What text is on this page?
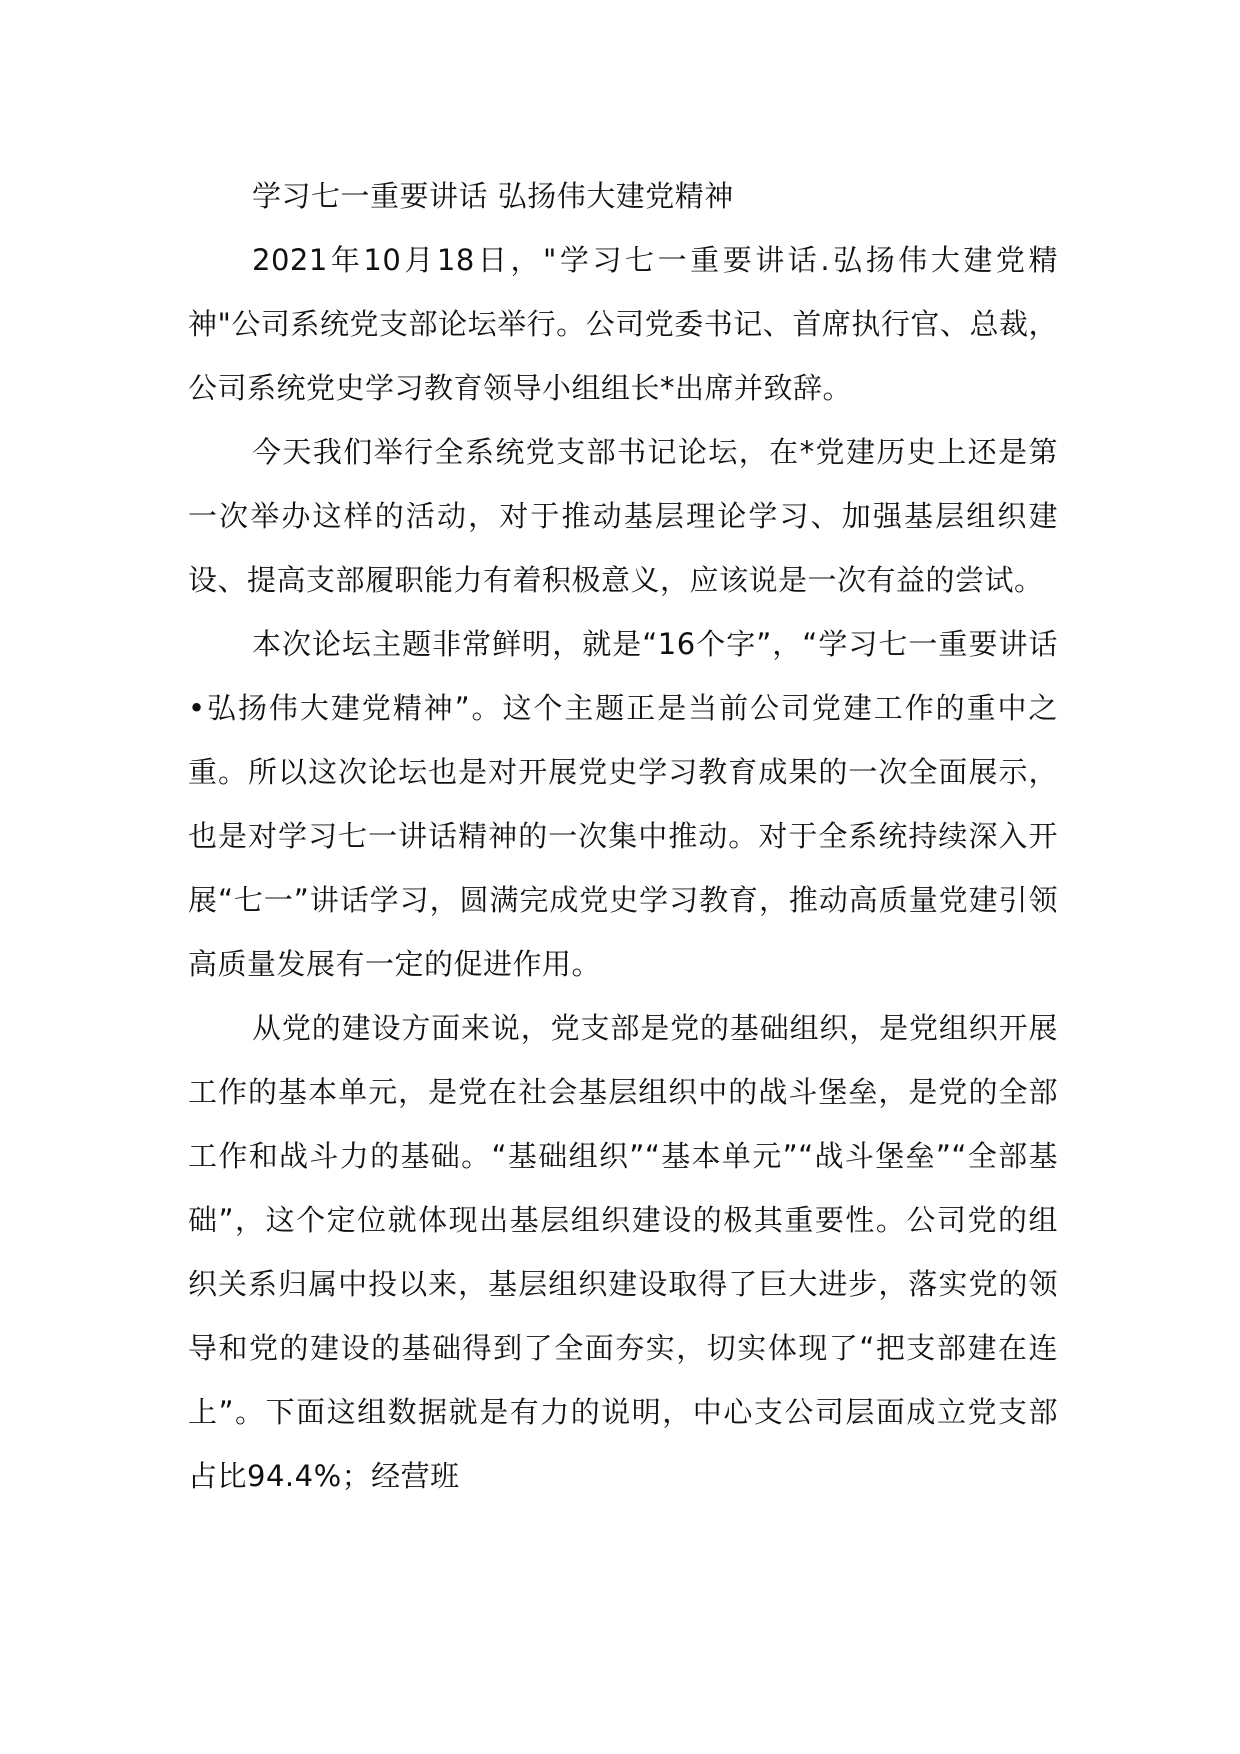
学习七一重要讲话 弘扬伟大建党精神

2021年10月18日，"学习七一重要讲话.弘扬伟大建党精神"公司系统党支部论坛举行。公司党委书记、首席执行官、总裁，公司系统党史学习教育领导小组组长*出席并致辞。

今天我们举行全系统党支部书记论坛，在*党建历史上还是第一次举办这样的活动，对于推动基层理论学习、加强基层组织建设、提高支部履职能力有着积极意义，应该说是一次有益的尝试。

本次论坛主题非常鲜明，就是“16个字”，“学习七一重要讲话•弘扬伟大建党精神”。这个主题正是当前公司党建工作的重中之重。所以这次论坛也是对开展党史学习教育成果的一次全面展示，也是对学习七一讲话精神的一次集中推动。对于全系统持续深入开展“七一”讲话学习，圆满完成党史学习教育，推动高质量党建引领高质量发展有一定的促进作用。

从党的建设方面来说，党支部是党的基础组织，是党组织开展工作的基本单元，是党在社会基层组织中的战斗堡垒，是党的全部工作和战斗力的基础。“基础组织”“基本单元”“战斗堡垒”“全部基础”，这个定位就体现出基层组织建设的极其重要性。公司党的组织关系归属中投以来，基层组织建设取得了巨大进步，落实党的领导和党的建设的基础得到了全面夯实，切实体现了“把支部建在连上”。下面这组数据就是有力的说明，中心支公司层面成立党支部占比94.4%；经营班
